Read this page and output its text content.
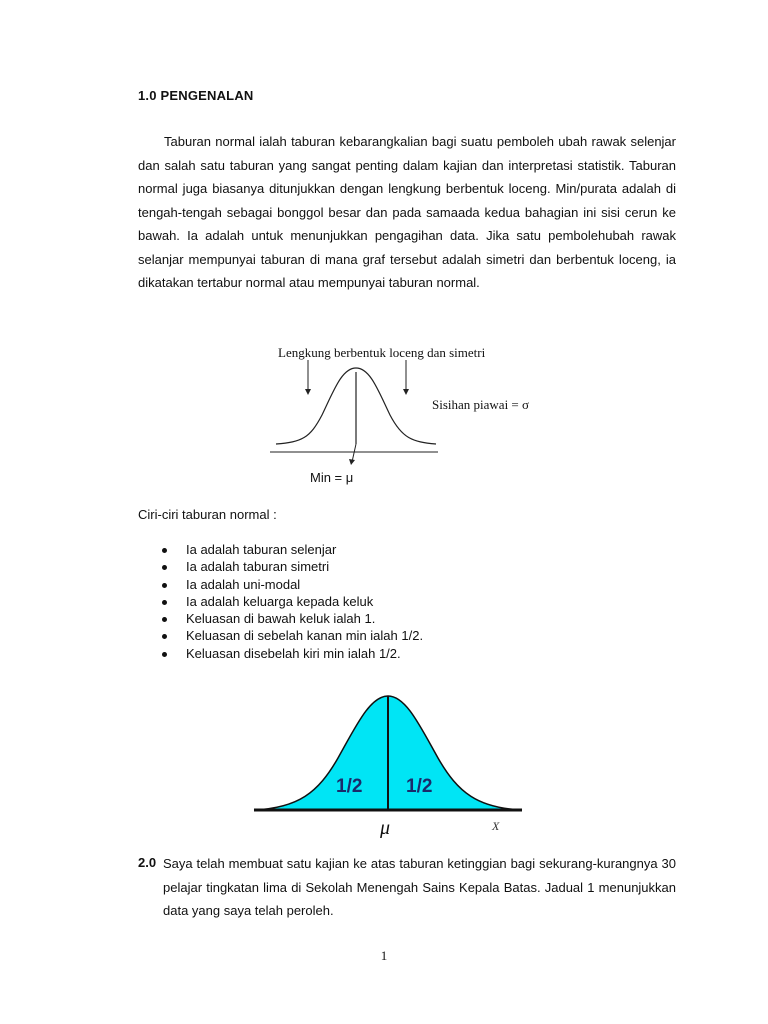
1.0 PENGENALAN
Taburan normal ialah taburan kebarangkalian bagi suatu pemboleh ubah rawak selenjar dan salah satu taburan yang sangat penting dalam kajian dan interpretasi statistik. Taburan normal juga biasanya ditunjukkan dengan lengkung berbentuk loceng. Min/purata adalah di tengah-tengah sebagai bonggol besar dan pada samaada kedua bahagian ini sisi cerun ke bawah. Ia adalah untuk menunjukkan pengagihan data. Jika satu pembolehubah rawak selanjar mempunyai taburan di mana graf tersebut adalah simetri dan berbentuk loceng, ia dikatakan tertabur normal atau mempunyai taburan normal.
Lengkung berbentuk loceng dan simetri
Sisihan piawai = σ
Min = μ
Ciri-ciri taburan normal :
Ia adalah taburan selenjar
Ia adalah taburan simetri
Ia adalah uni-modal
Ia adalah keluarga kepada keluk
Keluasan di bawah keluk ialah 1.
Keluasan di sebelah kanan min ialah 1/2.
Keluasan disebelah kiri min ialah 1/2.
1/2 1/2
μ	X
2.0 Saya telah membuat satu kajian ke atas taburan ketinggian bagi sekurang-kurangnya 30 pelajar tingkatan lima di Sekolah Menengah Sains Kepala Batas. Jadual 1 menunjukkan data yang saya telah peroleh.
1
